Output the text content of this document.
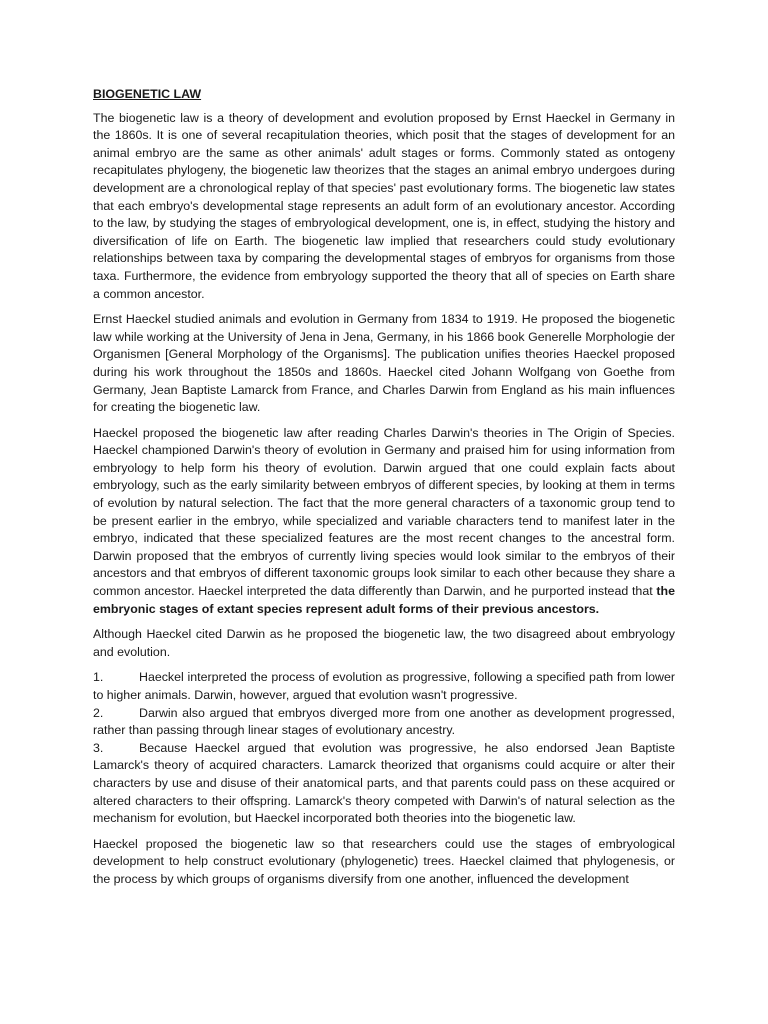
BIOGENETIC LAW

The biogenetic law is a theory of development and evolution proposed by Ernst Haeckel in Germany in the 1860s. It is one of several recapitulation theories, which posit that the stages of development for an animal embryo are the same as other animals' adult stages or forms. Commonly stated as ontogeny recapitulates phylogeny, the biogenetic law theorizes that the stages an animal embryo undergoes during development are a chronological replay of that species' past evolutionary forms. The biogenetic law states that each embryo's developmental stage represents an adult form of an evolutionary ancestor. According to the law, by studying the stages of embryological development, one is, in effect, studying the history and diversification of life on Earth. The biogenetic law implied that researchers could study evolutionary relationships between taxa by comparing the developmental stages of embryos for organisms from those taxa. Furthermore, the evidence from embryology supported the theory that all of species on Earth share a common ancestor.

Ernst Haeckel studied animals and evolution in Germany from 1834 to 1919. He proposed the biogenetic law while working at the University of Jena in Jena, Germany, in his 1866 book Generelle Morphologie der Organismen [General Morphology of the Organisms]. The publication unifies theories Haeckel proposed during his work throughout the 1850s and 1860s. Haeckel cited Johann Wolfgang von Goethe from Germany, Jean Baptiste Lamarck from France, and Charles Darwin from England as his main influences for creating the biogenetic law.

Haeckel proposed the biogenetic law after reading Charles Darwin's theories in The Origin of Species. Haeckel championed Darwin's theory of evolution in Germany and praised him for using information from embryology to help form his theory of evolution. Darwin argued that one could explain facts about embryology, such as the early similarity between embryos of different species, by looking at them in terms of evolution by natural selection. The fact that the more general characters of a taxonomic group tend to be present earlier in the embryo, while specialized and variable characters tend to manifest later in the embryo, indicated that these specialized features are the most recent changes to the ancestral form. Darwin proposed that the embryos of currently living species would look similar to the embryos of their ancestors and that embryos of different taxonomic groups look similar to each other because they share a common ancestor. Haeckel interpreted the data differently than Darwin, and he purported instead that the embryonic stages of extant species represent adult forms of their previous ancestors.

Although Haeckel cited Darwin as he proposed the biogenetic law, the two disagreed about embryology and evolution.

1.	Haeckel interpreted the process of evolution as progressive, following a specified path from lower to higher animals. Darwin, however, argued that evolution wasn't progressive.
2.	Darwin also argued that embryos diverged more from one another as development progressed, rather than passing through linear stages of evolutionary ancestry.
3.	Because Haeckel argued that evolution was progressive, he also endorsed Jean Baptiste Lamarck's theory of acquired characters. Lamarck theorized that organisms could acquire or alter their characters by use and disuse of their anatomical parts, and that parents could pass on these acquired or altered characters to their offspring. Lamarck's theory competed with Darwin's of natural selection as the mechanism for evolution, but Haeckel incorporated both theories into the biogenetic law.

Haeckel proposed the biogenetic law so that researchers could use the stages of embryological development to help construct evolutionary (phylogenetic) trees. Haeckel claimed that phylogenesis, or the process by which groups of organisms diversify from one another, influenced the development
